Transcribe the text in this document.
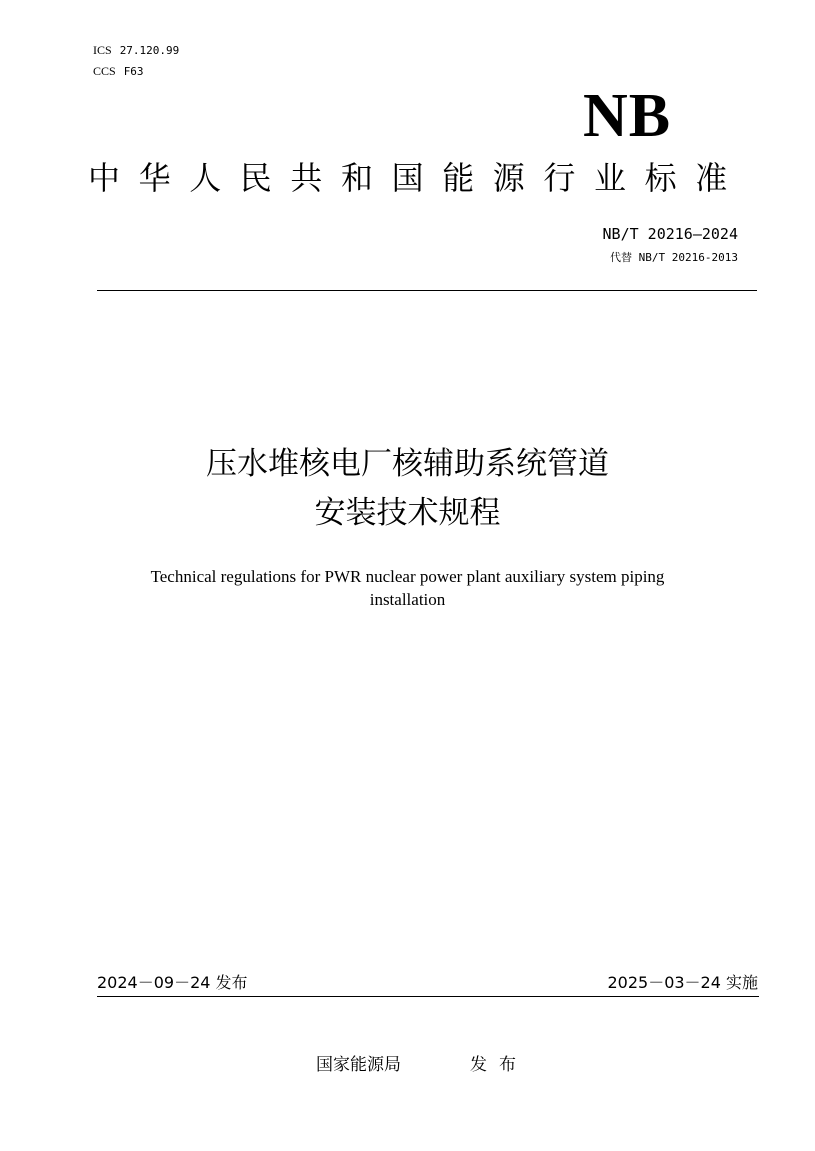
ICS 27.120.99
CCS F63
NB
中华人民共和国能源行业标准
NB/T 20216—2024
代替 NB/T 20216-2013
压水堆核电厂核辅助系统管道
安装技术规程
Technical regulations for PWR nuclear power plant auxiliary system piping
installation
2024－09－24 发布	2025－03－24 实施
国家能源局	发布
